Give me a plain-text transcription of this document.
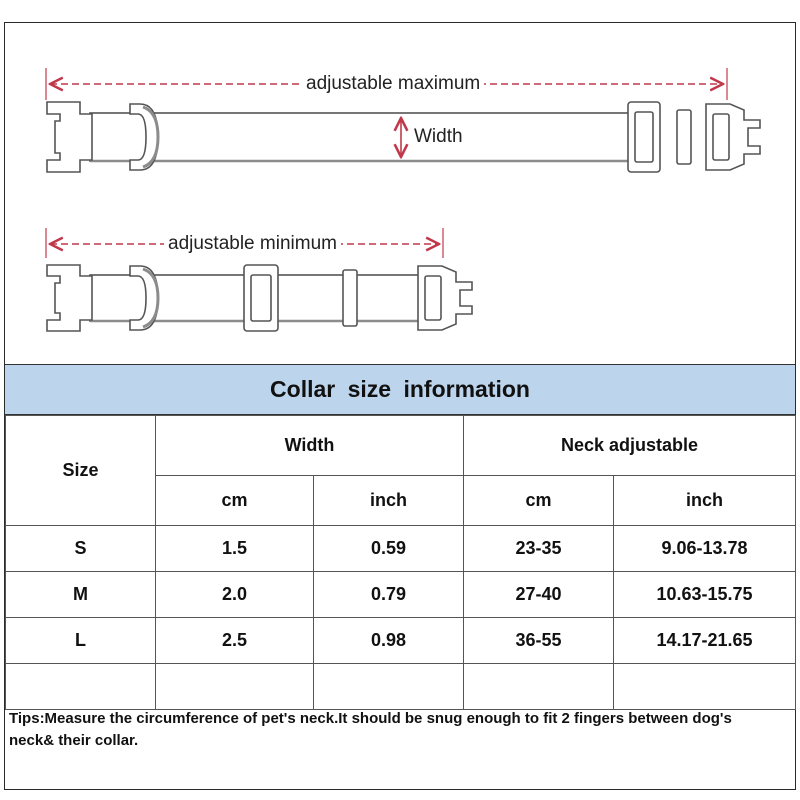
adjustable maximum
Width
adjustable minimum
Collar size information
Size	Width		Neck adjustable	
	cm	inch	cm	inch
S	1.5	0.59	23-35	9.06-13.78
M	2.0	0.79	27-40	10.63-15.75
L	2.5	0.98	36-55	14.17-21.65

Tips:Measure the circumference of pet's neck.It should be snug enough to fit 2 fingers between dog's neck& their collar.
